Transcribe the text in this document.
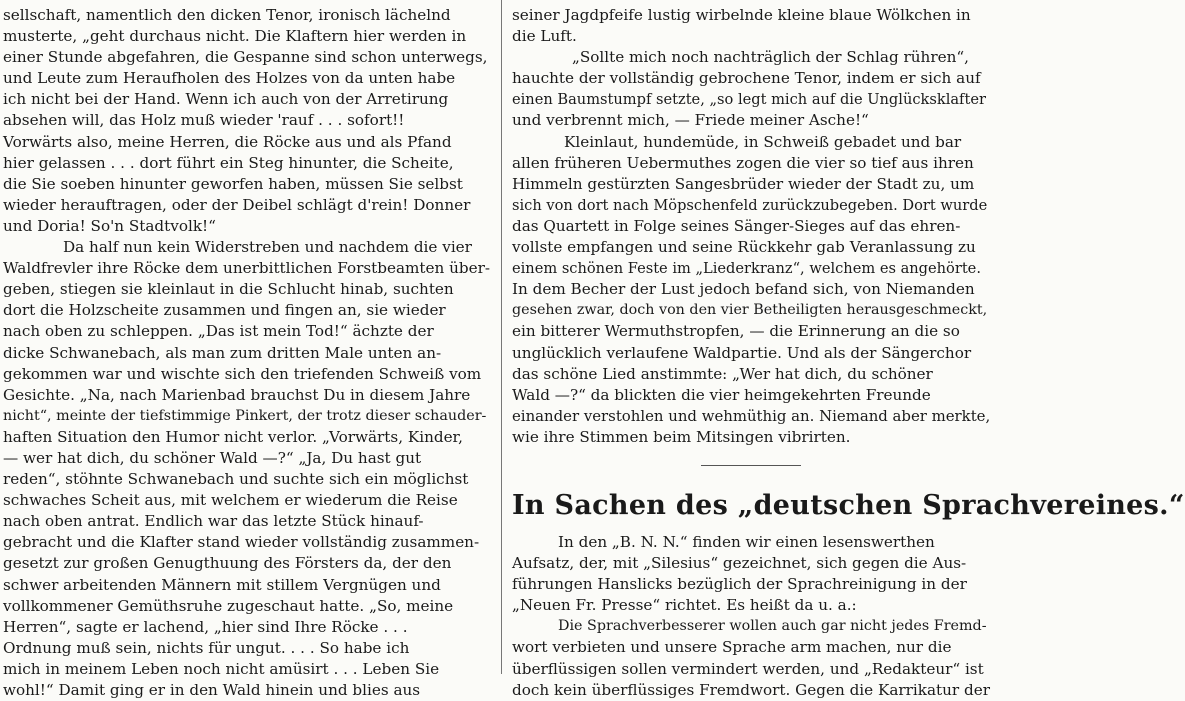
sellschaft, namentlich den dicken Tenor, ironisch lächelnd
musterte, „geht durchaus nicht. Die Klaftern hier werden in
einer Stunde abgefahren, die Gespanne sind schon unterwegs,
und Leute zum Heraufholen des Holzes von da unten habe
ich nicht bei der Hand. Wenn ich auch von der Arretirung
absehen will, das Holz muß wieder 'rauf . . . sofort!!
Vorwärts also, meine Herren, die Röcke aus und als Pfand
hier gelassen . . . dort führt ein Steg hinunter, die Scheite,
die Sie soeben hinunter geworfen haben, müssen Sie selbst
wieder herauftragen, oder der Deibel schlägt d'rein! Donner
und Doria! So'n Stadtvolk!“
Da half nun kein Widerstreben und nachdem die vier
Waldfrevler ihre Röcke dem unerbittlichen Forstbeamten über-
geben, stiegen sie kleinlaut in die Schlucht hinab, suchten
dort die Holzscheite zusammen und fingen an, sie wieder
nach oben zu schleppen. „Das ist mein Tod!“ ächzte der
dicke Schwanebach, als man zum dritten Male unten an-
gekommen war und wischte sich den triefenden Schweiß vom
Gesichte. „Na, nach Marienbad brauchst Du in diesem Jahre
nicht“, meinte der tiefstimmige Pinkert, der trotz dieser schauder-
haften Situation den Humor nicht verlor. „Vorwärts, Kinder,
— wer hat dich, du schöner Wald —?“ „Ja, Du hast gut
reden“, stöhnte Schwanebach und suchte sich ein möglichst
schwaches Scheit aus, mit welchem er wiederum die Reise
nach oben antrat. Endlich war das letzte Stück hinauf-
gebracht und die Klafter stand wieder vollständig zusammen-
gesetzt zur großen Genugthuung des Försters da, der den
schwer arbeitenden Männern mit stillem Vergnügen und
vollkommener Gemüthsruhe zugeschaut hatte. „So, meine
Herren“, sagte er lachend, „hier sind Ihre Röcke . . .
Ordnung muß sein, nichts für ungut. . . . So habe ich
mich in meinem Leben noch nicht amüsirt . . . Leben Sie
wohl!“ Damit ging er in den Wald hinein und blies aus
seiner Jagdpfeife lustig wirbelnde kleine blaue Wölkchen in
die Luft.
„Sollte mich noch nachträglich der Schlag rühren“,
hauchte der vollständig gebrochene Tenor, indem er sich auf
einen Baumstumpf setzte, „so legt mich auf die Unglücksklafter
und verbrennt mich, — Friede meiner Asche!“
Kleinlaut, hundemüde, in Schweiß gebadet und bar
allen früheren Uebermuthes zogen die vier so tief aus ihren
Himmeln gestürzten Sangesbrüder wieder der Stadt zu, um
sich von dort nach Möpschenfeld zurückzubegeben. Dort wurde
das Quartett in Folge seines Sänger-Sieges auf das ehren-
vollste empfangen und seine Rückkehr gab Veranlassung zu
einem schönen Feste im „Liederkranz“, welchem es angehörte.
In dem Becher der Lust jedoch befand sich, von Niemanden
gesehen zwar, doch von den vier Betheiligten herausgeschmeckt,
ein bitterer Wermuthstropfen, — die Erinnerung an die so
unglücklich verlaufene Waldpartie. Und als der Sängerchor
das schöne Lied anstimmte: „Wer hat dich, du schöner
Wald —?“ da blickten die vier heimgekehrten Freunde
einander verstohlen und wehmüthig an. Niemand aber merkte,
wie ihre Stimmen beim Mitsingen vibrirten.
In Sachen des „deutschen Sprachvereines.“
In den „B. N. N.“ finden wir einen lesenswerthen
Aufsatz, der, mit „Silesius“ gezeichnet, sich gegen die Aus-
führungen Hanslicks bezüglich der Sprachreinigung in der
„Neuen Fr. Presse“ richtet. Es heißt da u. a.:
Die Sprachverbesserer wollen auch gar nicht jedes Fremd-
wort verbieten und unsere Sprache arm machen, nur die
überflüssigen sollen vermindert werden, und „Redakteur“ ist
doch kein überflüssiges Fremdwort. Gegen die Karrikatur der
